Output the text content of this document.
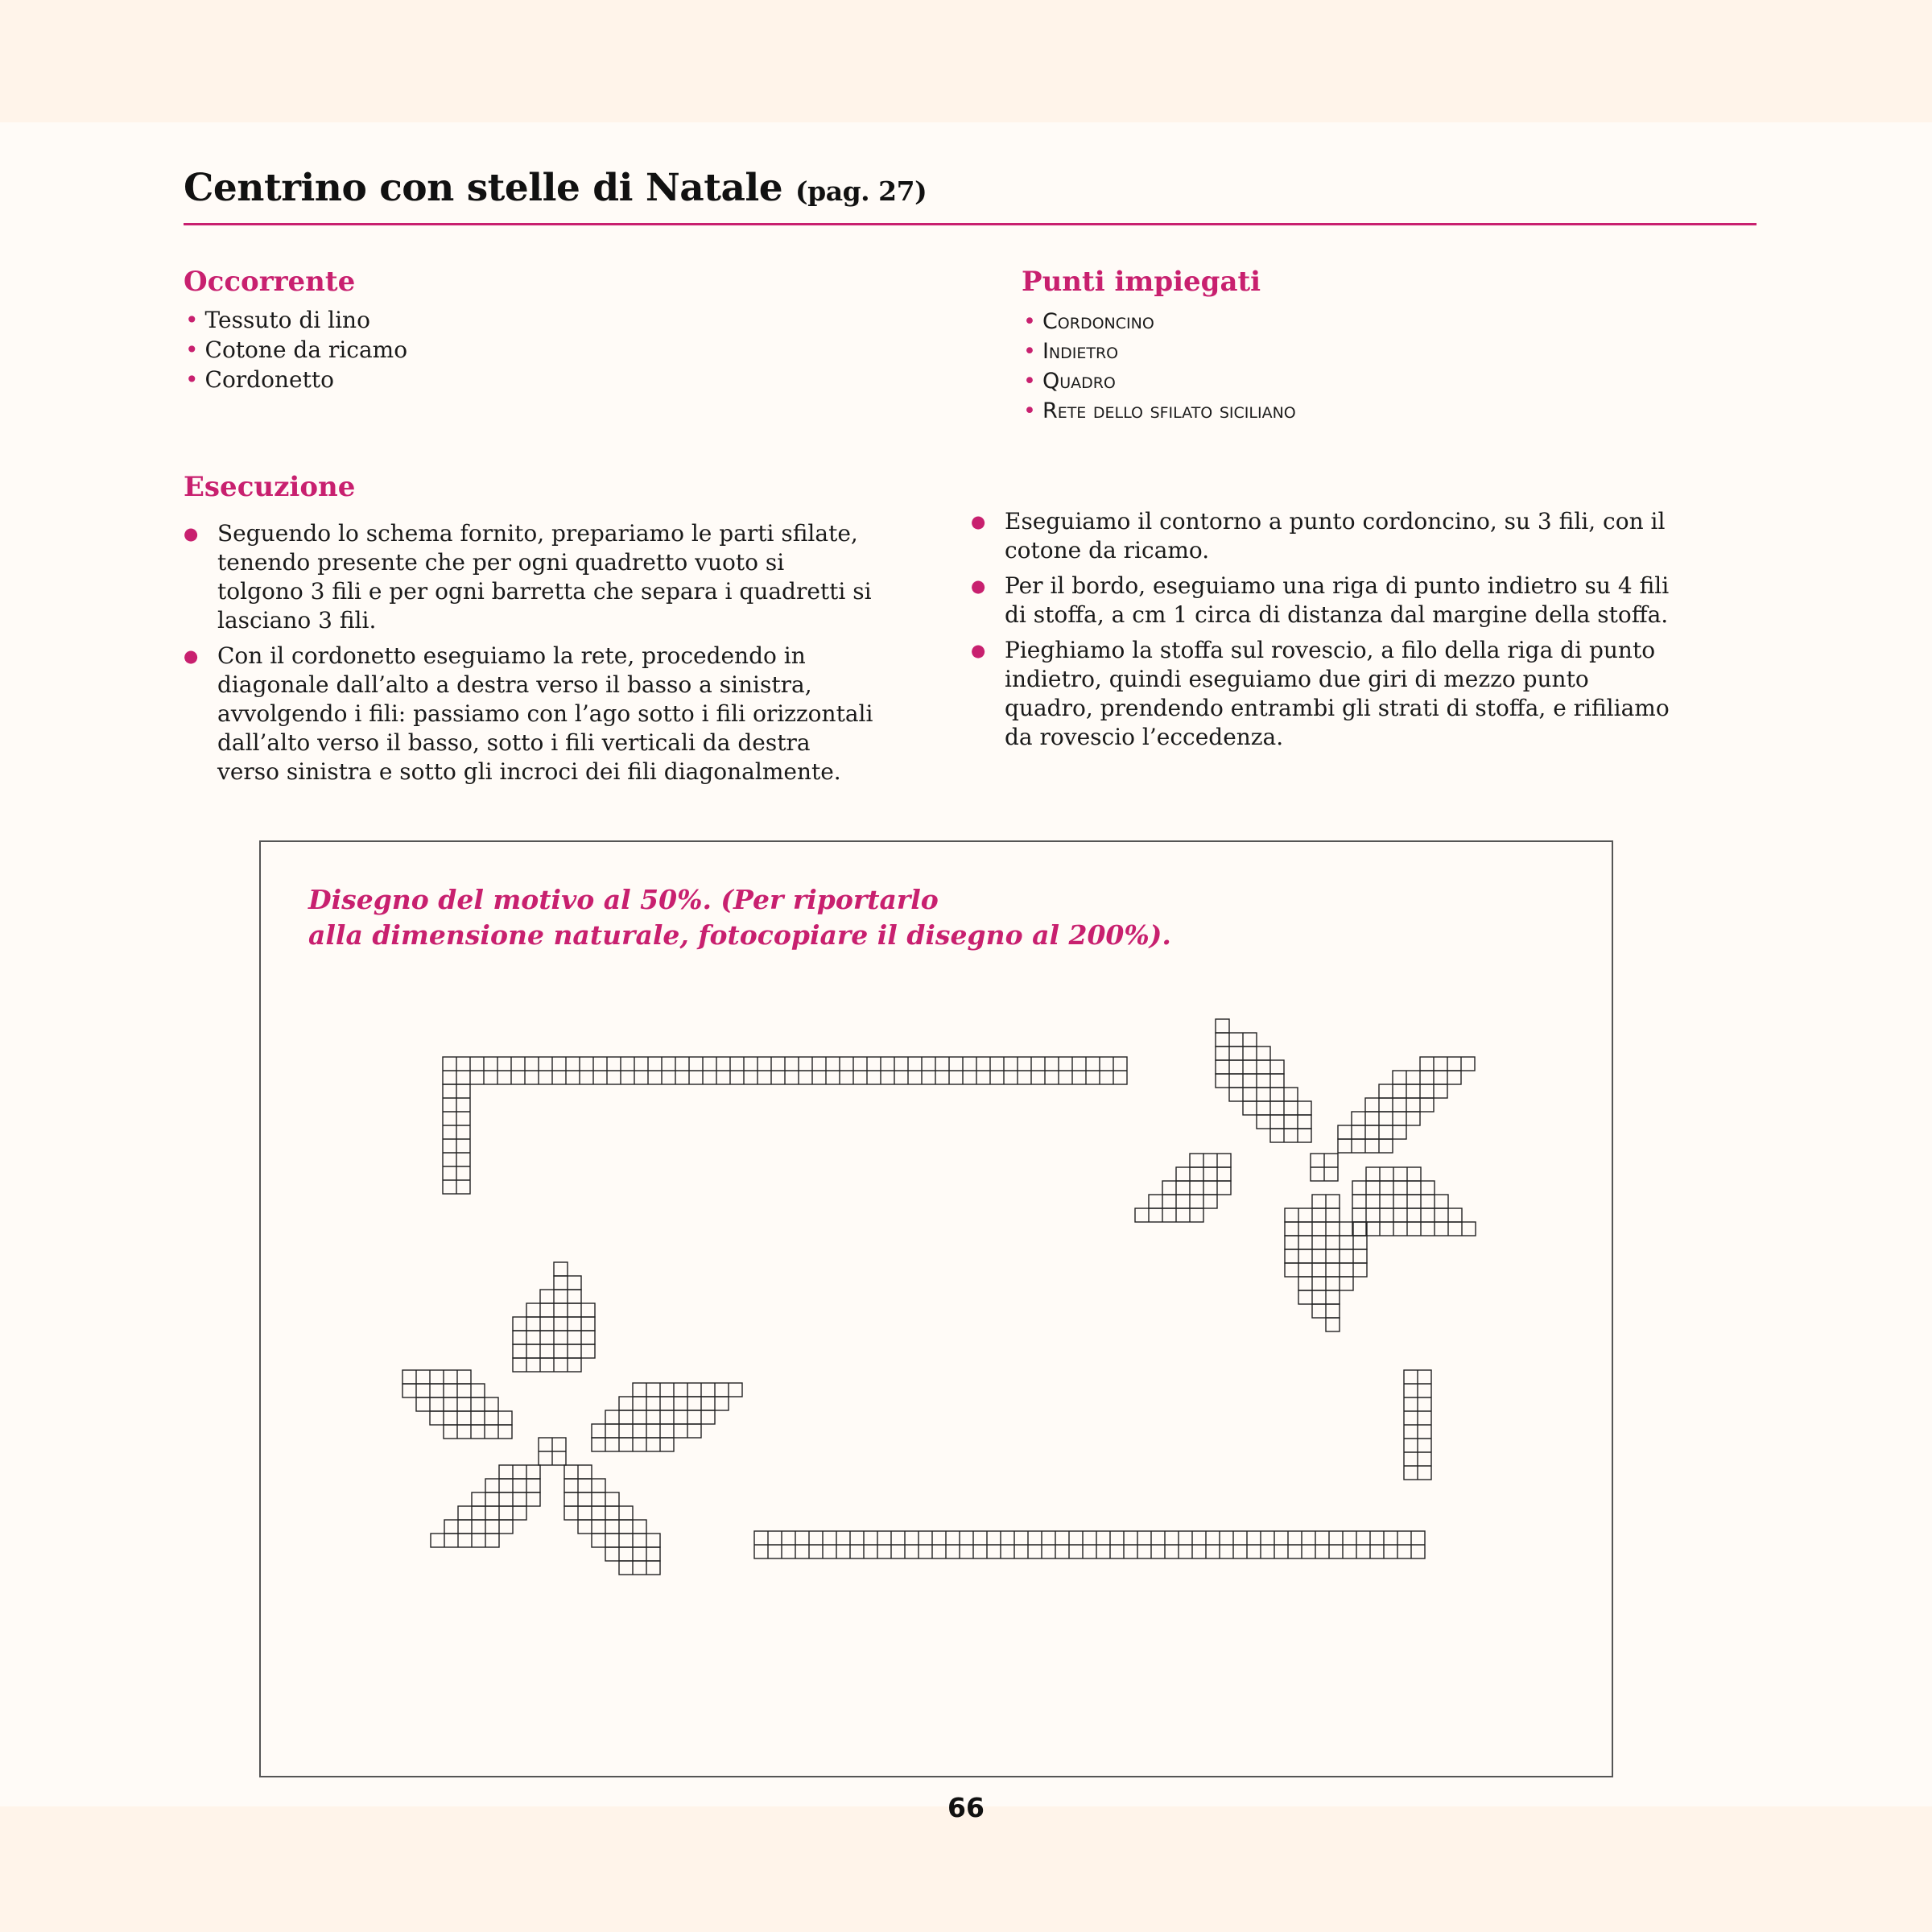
Centrino con stelle di Natale (pag. 27)
Occorrente
• Tessuto di lino
• Cotone da ricamo
• Cordonetto
Punti impiegati
• Cordoncino
• Indietro
• Quadro
• Rete dello sfilato siciliano
Esecuzione
● Seguendo lo schema fornito, prepariamo le parti sfilate, tenendo presente che per ogni quadretto vuoto si tolgono 3 fili e per ogni barretta che separa i quadretti si lasciano 3 fili.
● Con il cordonetto eseguiamo la rete, procedendo in diagonale dall’alto a destra verso il basso a sinistra, avvolgendo i fili: passiamo con l’ago sotto i fili orizzontali dall’alto verso il basso, sotto i fili verticali da destra verso sinistra e sotto gli incroci dei fili diagonalmente.
● Eseguiamo il contorno a punto cordoncino, su 3 fili, con il cotone da ricamo.
● Per il bordo, eseguiamo una riga di punto indietro su 4 fili di stoffa, a cm 1 circa di distanza dal margine della stoffa.
● Pieghiamo la stoffa sul rovescio, a filo della riga di punto indietro, quindi eseguiamo due giri di mezzo punto quadro, prendendo entrambi gli strati di stoffa, e rifiliamo da rovescio l’eccedenza.
Disegno del motivo al 50%. (Per riportarlo
alla dimensione naturale, fotocopiare il disegno al 200%).
66
